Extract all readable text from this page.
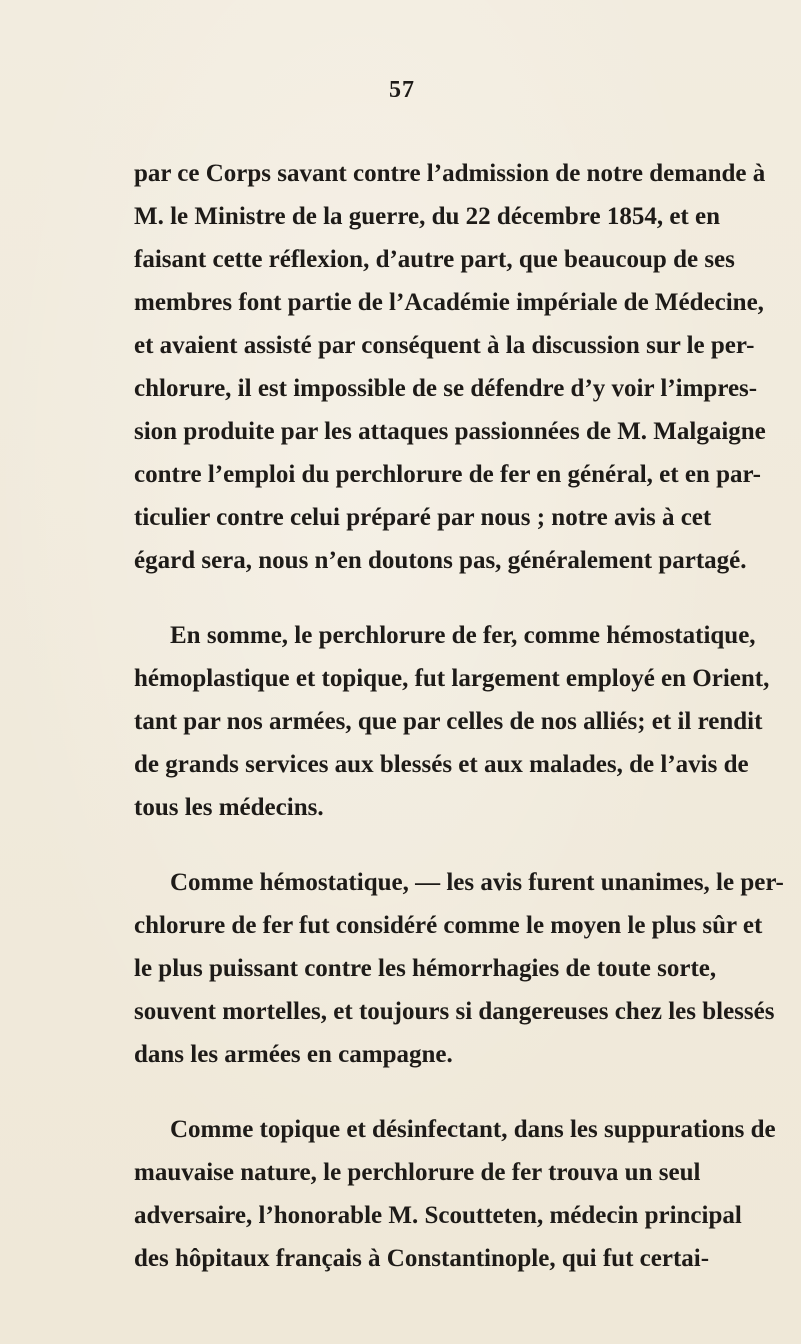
57

par ce Corps savant contre l’admission de notre demande à
M. le Ministre de la guerre, du 22 décembre 1854, et en
faisant cette réflexion, d’autre part, que beaucoup de ses
membres font partie de l’Académie impériale de Médecine,
et avaient assisté par conséquent à la discussion sur le per-
chlorure, il est impossible de se défendre d’y voir l’impres-
sion produite par les attaques passionnées de M. Malgaigne
contre l’emploi du perchlorure de fer en général, et en par-
ticulier contre celui préparé par nous ; notre avis à cet
égard sera, nous n’en doutons pas, généralement partagé.

En somme, le perchlorure de fer, comme hémostatique,
hémoplastique et topique, fut largement employé en Orient,
tant par nos armées, que par celles de nos alliés; et il rendit
de grands services aux blessés et aux malades, de l’avis de
tous les médecins.

Comme hémostatique, — les avis furent unanimes, le per-
chlorure de fer fut considéré comme le moyen le plus sûr et
le plus puissant contre les hémorrhagies de toute sorte,
souvent mortelles, et toujours si dangereuses chez les blessés
dans les armées en campagne.

Comme topique et désinfectant, dans les suppurations de
mauvaise nature, le perchlorure de fer trouva un seul
adversaire, l’honorable M. Scoutteten, médecin principal
des hôpitaux français à Constantinople, qui fut certai-
